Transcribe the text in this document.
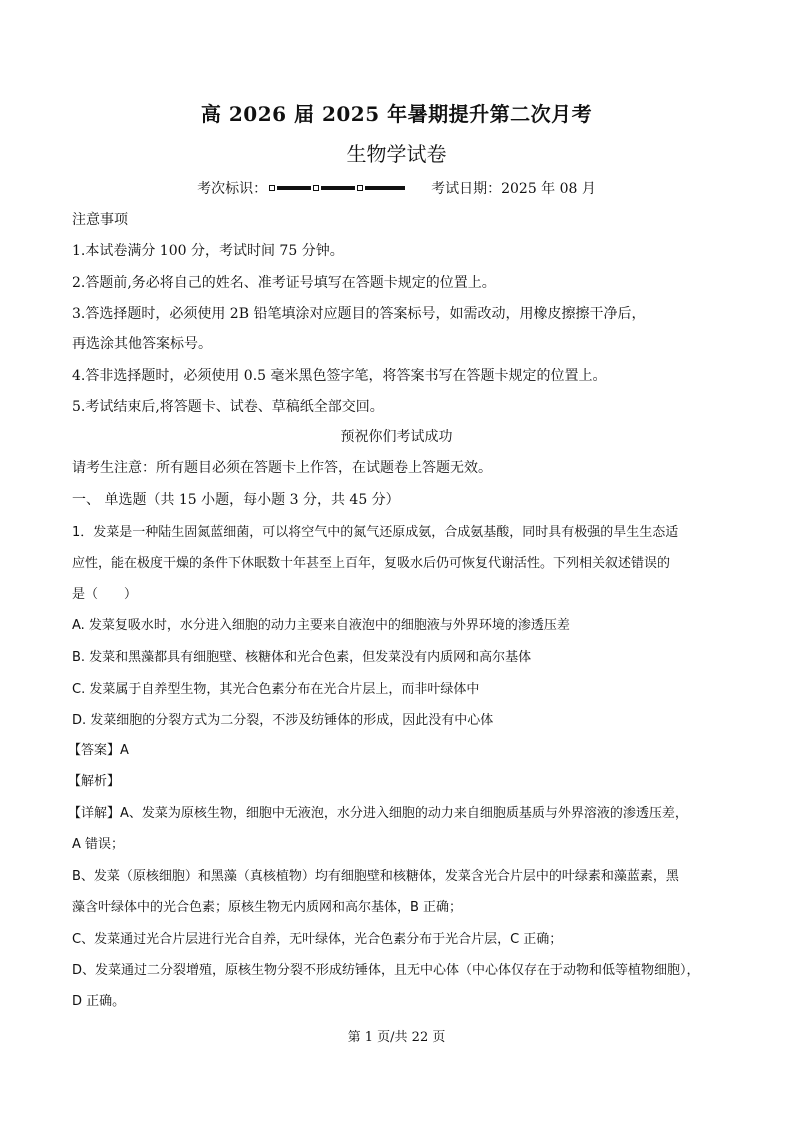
高 2026 届 2025 年暑期提升第二次月考
生物学试卷
考次标识：	考试日期：2025 年 08 月
注意事项
1.本试卷满分 100 分，考试时间 75 分钟。
2.答题前,务必将自己的姓名、准考证号填写在答题卡规定的位置上。
3.答选择题时，必须使用 2B 铅笔填涂对应题目的答案标号，如需改动，用橡皮擦擦干净后，
再选涂其他答案标号。
4.答非选择题时，必须使用 0.5 毫米黑色签字笔，将答案书写在答题卡规定的位置上。
5.考试结束后,将答题卡、试卷、草稿纸全部交回。
预祝你们考试成功
请考生注意：所有题目必须在答题卡上作答，在试题卷上答题无效。
一、 单选题（共 15 小题，每小题 3 分，共 45 分）
1．发菜是一种陆生固氮蓝细菌，可以将空气中的氮气还原成氨，合成氨基酸，同时具有极强的旱生生态适
应性，能在极度干燥的条件下休眠数十年甚至上百年，复吸水后仍可恢复代谢活性。下列相关叙述错误的
是（　　）
A. 发菜复吸水时，水分进入细胞的动力主要来自液泡中的细胞液与外界环境的渗透压差
B. 发菜和黑藻都具有细胞壁、核糖体和光合色素，但发菜没有内质网和高尔基体
C. 发菜属于自养型生物，其光合色素分布在光合片层上，而非叶绿体中
D. 发菜细胞的分裂方式为二分裂，不涉及纺锤体的形成，因此没有中心体
【答案】A
【解析】
【详解】A、发菜为原核生物，细胞中无液泡，水分进入细胞的动力来自细胞质基质与外界溶液的渗透压差，
A 错误；
B、发菜（原核细胞）和黑藻（真核植物）均有细胞壁和核糖体，发菜含光合片层中的叶绿素和藻蓝素，黑
藻含叶绿体中的光合色素；原核生物无内质网和高尔基体，B 正确；
C、发菜通过光合片层进行光合自养，无叶绿体，光合色素分布于光合片层，C 正确；
D、发菜通过二分裂增殖，原核生物分裂不形成纺锤体，且无中心体（中心体仅存在于动物和低等植物细胞），
D 正确。
第 1 页/共 22 页
